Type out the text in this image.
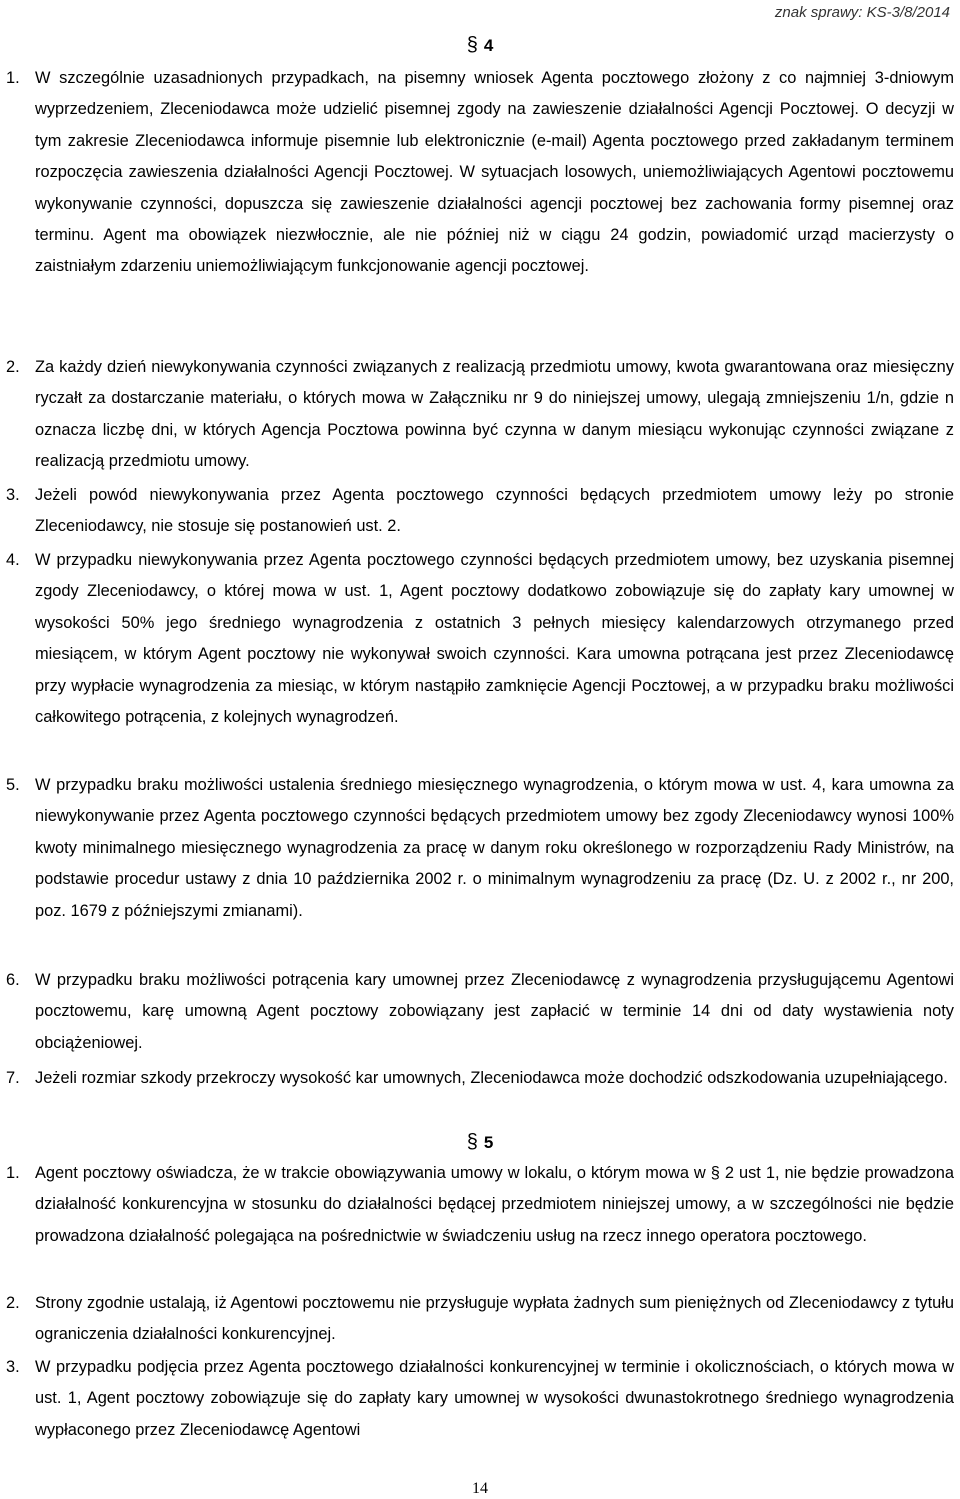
znak sprawy: KS-3/8/2014
§ 4
1. W szczególnie uzasadnionych przypadkach, na pisemny wniosek Agenta pocztowego złożony z co najmniej 3-dniowym wyprzedzeniem, Zleceniodawca może udzielić pisemnej zgody na zawieszenie działalności Agencji Pocztowej. O decyzji w tym zakresie Zleceniodawca informuje pisemnie lub elektronicznie (e-mail) Agenta pocztowego przed zakładanym terminem rozpoczęcia zawieszenia działalności Agencji Pocztowej. W sytuacjach losowych, uniemożliwiających Agentowi pocztowemu wykonywanie czynności, dopuszcza się zawieszenie działalności agencji pocztowej bez zachowania formy pisemnej oraz terminu. Agent ma obowiązek niezwłocznie, ale nie później niż w ciągu 24 godzin, powiadomić urząd macierzysty o zaistniałym zdarzeniu uniemożliwiającym funkcjonowanie agencji pocztowej.
2. Za każdy dzień niewykonywania czynności związanych z realizacją przedmiotu umowy, kwota gwarantowana oraz miesięczny ryczałt za dostarczanie materiału, o których mowa w Załączniku nr 9 do niniejszej umowy, ulegają zmniejszeniu 1/n, gdzie n oznacza liczbę dni, w których Agencja Pocztowa powinna być czynna w danym miesiącu wykonując czynności związane z realizacją przedmiotu umowy.
3. Jeżeli powód niewykonywania przez Agenta pocztowego czynności będących przedmiotem umowy leży po stronie Zleceniodawcy, nie stosuje się postanowień ust. 2.
4. W przypadku niewykonywania przez Agenta pocztowego czynności będących przedmiotem umowy, bez uzyskania pisemnej zgody Zleceniodawcy, o której mowa w ust. 1, Agent pocztowy dodatkowo zobowiązuje się do zapłaty kary umownej w wysokości 50% jego średniego wynagrodzenia z ostatnich 3 pełnych miesięcy kalendarzowych otrzymanego przed miesiącem, w którym Agent pocztowy nie wykonywał swoich czynności. Kara umowna potrącana jest przez Zleceniodawcę przy wypłacie wynagrodzenia za miesiąc, w którym nastąpiło zamknięcie Agencji Pocztowej, a w przypadku braku możliwości całkowitego potrącenia, z kolejnych wynagrodzeń.
5. W przypadku braku możliwości ustalenia średniego miesięcznego wynagrodzenia, o którym mowa w ust. 4, kara umowna za niewykonywanie przez Agenta pocztowego czynności będących przedmiotem umowy bez zgody Zleceniodawcy wynosi 100% kwoty minimalnego miesięcznego wynagrodzenia za pracę w danym roku określonego w rozporządzeniu Rady Ministrów, na podstawie procedur ustawy z dnia 10 października 2002 r. o minimalnym wynagrodzeniu za pracę (Dz. U. z 2002 r., nr 200, poz. 1679 z późniejszymi zmianami).
6. W przypadku braku możliwości potrącenia kary umownej przez Zleceniodawcę z wynagrodzenia przysługującemu Agentowi pocztowemu, karę umowną Agent pocztowy zobowiązany jest zapłacić w terminie 14 dni od daty wystawienia noty obciążeniowej.
7. Jeżeli rozmiar szkody przekroczy wysokość kar umownych, Zleceniodawca może dochodzić odszkodowania uzupełniającego.
§ 5
1. Agent pocztowy oświadcza, że w trakcie obowiązywania umowy w lokalu, o którym mowa w § 2 ust 1, nie będzie prowadzona działalność konkurencyjna w stosunku do działalności będącej przedmiotem niniejszej umowy, a w szczególności nie będzie prowadzona działalność polegająca na pośrednictwie w świadczeniu usług na rzecz innego operatora pocztowego.
2. Strony zgodnie ustalają, iż Agentowi pocztowemu nie przysługuje wypłata żadnych sum pieniężnych od Zleceniodawcy z tytułu ograniczenia działalności konkurencyjnej.
3. W przypadku podjęcia przez Agenta pocztowego działalności konkurencyjnej w terminie i okolicznościach, o których mowa w ust. 1, Agent pocztowy zobowiązuje się do zapłaty kary umownej w wysokości dwunastokrotnego średniego wynagrodzenia wypłaconego przez Zleceniodawcę Agentowi
14
